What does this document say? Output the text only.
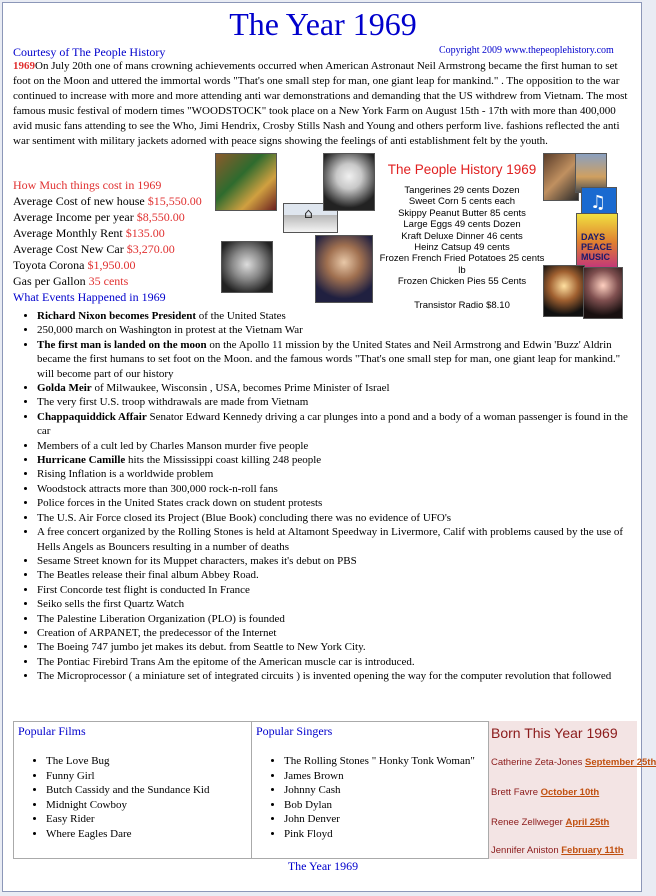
The Year 1969
Courtesy of The People History	Copyright 2009 www.thepeoplehistory.com
1969On July 20th one of mans crowning achievements occurred when American Astronaut Neil Armstrong became the first human to set foot on the Moon and uttered the immortal words "That's one small step for man, one giant leap for mankind." . The opposition to the war continued to increase with more and more attending anti war demonstrations and demanding that the US withdrew from Vietnam. The most famous music festival of modern times "WOODSTOCK" took place on a New York Farm on August 15th - 17th with more than 400,000 avid music fans attending to see the Who, Jimi Hendrix, Crosby Stills Nash and Young and others perform live. fashions reflected the anti war sentiment with military jackets adorned with peace signs showing the feelings of anti establishment felt by the youth.
How Much things cost in 1969
Average Cost of new house $15,550.00
Average Income per year $8,550.00
Average Monthly Rent $135.00
Average Cost New Car $3,270.00
Toyota Corona $1,950.00
Gas per Gallon 35 cents
What Events Happened in 1969
⌂
♫
DAYS PEACE MUSIC
The People History 1969
Tangerines 29 cents Dozen
Sweet Corn 5 cents each
Skippy Peanut Butter 85 cents
Large Eggs 49 cents Dozen
Kraft Deluxe Dinner 46 cents
Heinz Catsup 49 cents
Frozen French Fried Potatoes 25 cents lb
Frozen Chicken Pies 55 Cents
Transistor Radio $8.10
• Richard Nixon becomes President of the United States
• 250,000 march on Washington in protest at the Vietnam War
• The first man is landed on the moon on the Apollo 11 mission by the United States and Neil Armstrong and Edwin 'Buzz' Aldrin became the first humans to set foot on the Moon. and the famous words "That's one small step for man, one giant leap for mankind." will become part of our history
• Golda Meir of Milwaukee, Wisconsin , USA, becomes Prime Minister of Israel
• The very first U.S. troop withdrawals are made from Vietnam
• Chappaquiddick Affair Senator Edward Kennedy driving a car plunges into a pond and a body of a woman passenger is found in the car
• Members of a cult led by Charles Manson murder five people
• Hurricane Camille hits the Mississippi coast killing 248 people
• Rising Inflation is a worldwide problem
• Woodstock attracts more than 300,000 rock-n-roll fans
• Police forces in the United States crack down on student protests
• The U.S. Air Force closed its Project (Blue Book) concluding there was no evidence of UFO's
• A free concert organized by the Rolling Stones is held at Altamont Speedway in Livermore, Calif with problems caused by the use of Hells Angels as Bouncers resulting in a number of deaths
• Sesame Street known for its Muppet characters, makes it's debut on PBS
• The Beatles release their final album Abbey Road.
• First Concorde test flight is conducted In France
• Seiko sells the first Quartz Watch
• The Palestine Liberation Organization (PLO) is founded
• Creation of ARPANET, the predecessor of the Internet
• The Boeing 747 jumbo jet makes its debut. from Seattle to New York City.
• The Pontiac Firebird Trans Am the epitome of the American muscle car is introduced.
• The Microprocessor ( a miniature set of integrated circuits ) is invented opening the way for the computer revolution that followed
Popular Films
• The Love Bug
• Funny Girl
• Butch Cassidy and the Sundance Kid
• Midnight Cowboy
• Easy Rider
• Where Eagles Dare
Popular Singers
• The Rolling Stones " Honky Tonk Woman"
• James Brown
• Johnny Cash
• Bob Dylan
• John Denver
• Pink Floyd
Born This Year 1969
Catherine Zeta-Jones September 25th
Brett Favre October 10th
Renee Zellweger April 25th
Jennifer Aniston February 11th
The Year 1969
